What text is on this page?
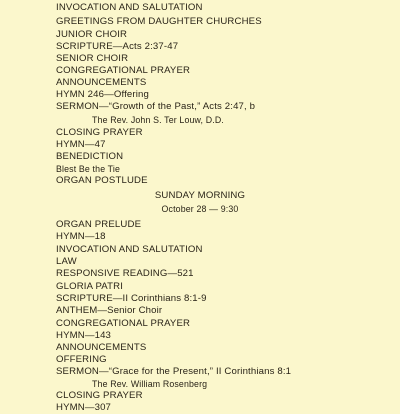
INVOCATION AND SALUTATION
GREETINGS FROM DAUGHTER CHURCHES
JUNIOR CHOIR
SCRIPTURE—Acts 2:37-47
SENIOR CHOIR
CONGREGATIONAL PRAYER
ANNOUNCEMENTS
HYMN 246—Offering
SERMON—“Growth of the Past,” Acts 2:47, b
The Rev. John S. Ter Louw, D.D.
CLOSING PRAYER
HYMN—47
BENEDICTION
Blest Be the Tie
ORGAN POSTLUDE
SUNDAY MORNING
October 28 — 9:30
ORGAN PRELUDE
HYMN—18
INVOCATION AND SALUTATION
LAW
RESPONSIVE READING—521
GLORIA PATRI
SCRIPTURE—II Corinthians 8:1-9
ANTHEM—Senior Choir
CONGREGATIONAL PRAYER
HYMN—143
ANNOUNCEMENTS
OFFERING
SERMON—“Grace for the Present,” II Corinthians 8:1
The Rev. William Rosenberg
CLOSING PRAYER
HYMN—307
